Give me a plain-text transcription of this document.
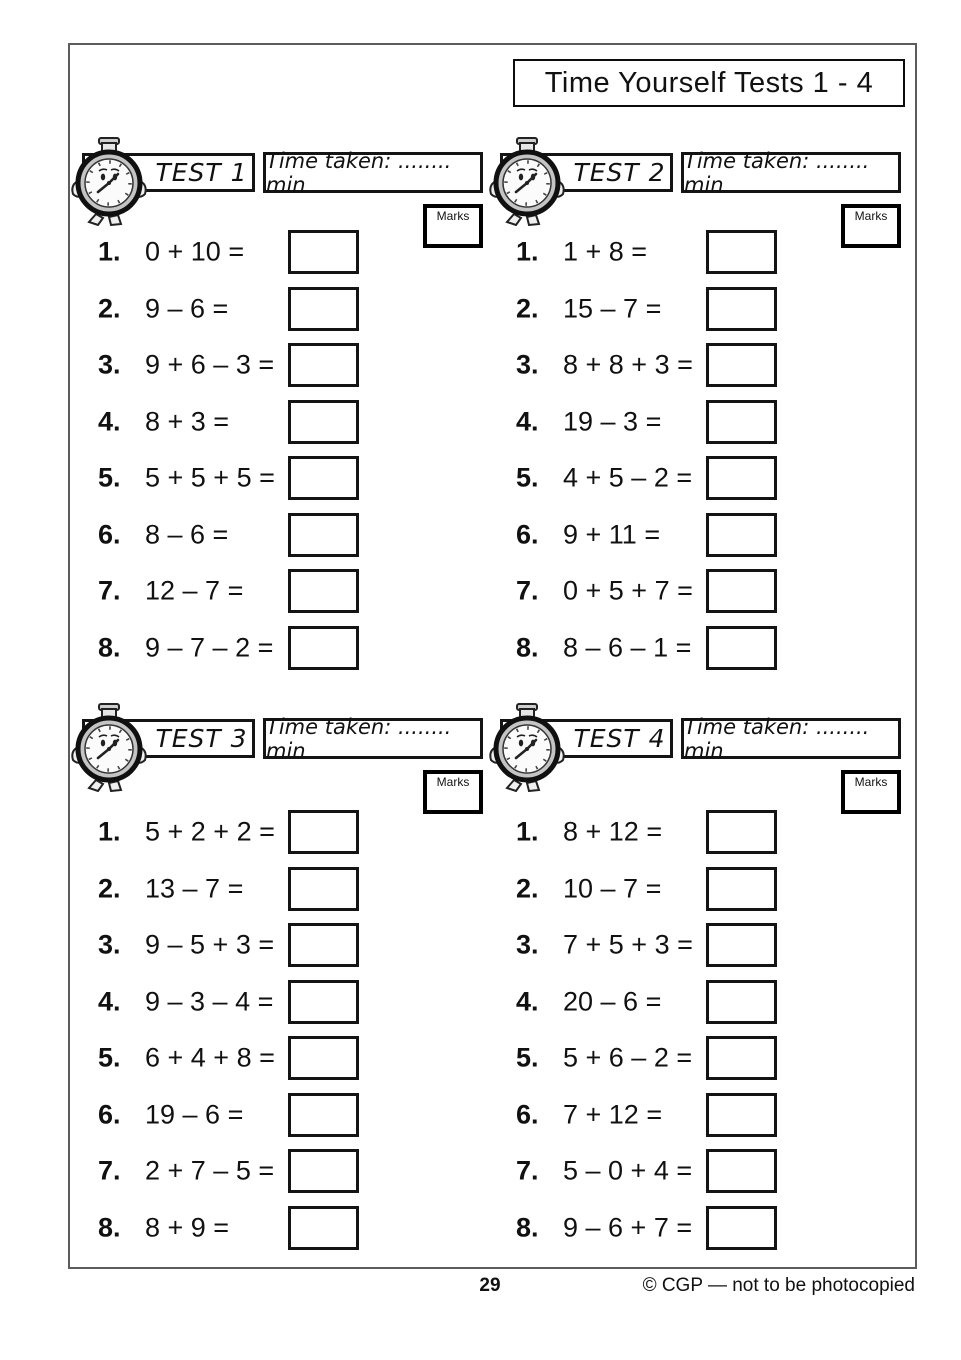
Time Yourself Tests 1 - 4
TEST 1 Time taken: ........ min
Marks
1. 0 + 10 =
2. 9 – 6 =
3. 9 + 6 – 3 =
4. 8 + 3 =
5. 5 + 5 + 5 =
6. 8 – 6 =
7. 12 – 7 =
8. 9 – 7 – 2 =
TEST 2 Time taken: ........ min
Marks
1. 1 + 8 =
2. 15 – 7 =
3. 8 + 8 + 3 =
4. 19 – 3 =
5. 4 + 5 – 2 =
6. 9 + 11 =
7. 0 + 5 + 7 =
8. 8 – 6 – 1 =
TEST 3 Time taken: ........ min
Marks
1. 5 + 2 + 2 =
2. 13 – 7 =
3. 9 – 5 + 3 =
4. 9 – 3 – 4 =
5. 6 + 4 + 8 =
6. 19 – 6 =
7. 2 + 7 – 5 =
8. 8 + 9 =
TEST 4 Time taken: ........ min
Marks
1. 8 + 12 =
2. 10 – 7 =
3. 7 + 5 + 3 =
4. 20 – 6 =
5. 5 + 6 – 2 =
6. 7 + 12 =
7. 5 – 0 + 4 =
8. 9 – 6 + 7 =
29	© CGP — not to be photocopied
